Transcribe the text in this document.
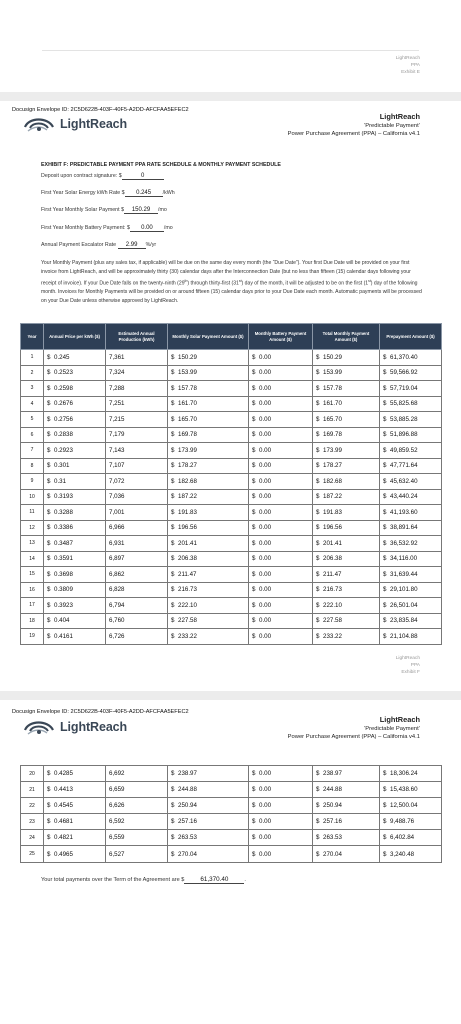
LightReach
PPA
Exhibit E
Docusign Envelope ID: 2C5D622B-403F-40F5-A2DD-AFCFAA5EFEC2
LightReach
LightReach
‘Predictable Payment’
Power Purchase Agreement (PPA) – California v4.1
EXHIBIT F: PREDICTABLE PAYMENT PPA RATE SCHEDULE & MONTHLY PAYMENT SCHEDULE
Deposit upon contract signature: $	0
First Year Solar Energy kWh Rate $ 0.245 /kWh
First Year Monthly Solar Payment $ 150.29 /mo
First Year Monthly Battery Payment: $ 0.00 /mo
Annual Payment Escalator Rate 2.99 %/yr
Your Monthly Payment (plus any sales tax, if applicable) will be due on the same day every month (the “Due Date”). Your first Due Date will be provided on your first invoice from LightReach, and will be approximately thirty (30) calendar days after the Interconnection Date (but no less than fifteen (15) calendar days following your receipt of invoice). If your Due Date falls on the twenty-ninth (29th) through thirty-first (31st) day of the month, it will be adjusted to be on the first (1st) day of the following month. Invoices for Monthly Payments will be provided on or around fifteen (15) calendar days prior to your Due Date each month. Automatic payments will be processed on your Due Date unless otherwise approved by LightReach.
Year	Annual Price per kWh ($)	Estimated Annual Production (kWh)	Monthly Solar Payment Amount ($)	Monthly Battery Payment Amount ($)	Total Monthly Payment Amount ($)	Prepayment Amount ($)
1	$ 0.245	7,361	$ 150.29	$ 0.00	$ 150.29	$ 61,370.40
2	$ 0.2523	7,324	$ 153.99	$ 0.00	$ 153.99	$ 59,566.92
3	$ 0.2598	7,288	$ 157.78	$ 0.00	$ 157.78	$ 57,719.04
4	$ 0.2676	7,251	$ 161.70	$ 0.00	$ 161.70	$ 55,825.68
5	$ 0.2756	7,215	$ 165.70	$ 0.00	$ 165.70	$ 53,885.28
6	$ 0.2838	7,179	$ 169.78	$ 0.00	$ 169.78	$ 51,896.88
7	$ 0.2923	7,143	$ 173.99	$ 0.00	$ 173.99	$ 49,859.52
8	$ 0.301	7,107	$ 178.27	$ 0.00	$ 178.27	$ 47,771.64
9	$ 0.31	7,072	$ 182.68	$ 0.00	$ 182.68	$ 45,632.40
10	$ 0.3193	7,036	$ 187.22	$ 0.00	$ 187.22	$ 43,440.24
11	$ 0.3288	7,001	$ 191.83	$ 0.00	$ 191.83	$ 41,193.60
12	$ 0.3386	6,966	$ 196.56	$ 0.00	$ 196.56	$ 38,891.64
13	$ 0.3487	6,931	$ 201.41	$ 0.00	$ 201.41	$ 36,532.92
14	$ 0.3591	6,897	$ 206.38	$ 0.00	$ 206.38	$ 34,116.00
15	$ 0.3698	6,862	$ 211.47	$ 0.00	$ 211.47	$ 31,639.44
16	$ 0.3809	6,828	$ 216.73	$ 0.00	$ 216.73	$ 29,101.80
17	$ 0.3923	6,794	$ 222.10	$ 0.00	$ 222.10	$ 26,501.04
18	$ 0.404	6,760	$ 227.58	$ 0.00	$ 227.58	$ 23,835.84
19	$ 0.4161	6,726	$ 233.22	$ 0.00	$ 233.22	$ 21,104.88
LightReach
PPA
Exhibit F
Docusign Envelope ID: 2C5D622B-403F-40F5-A2DD-AFCFAA5EFEC2
LightReach
LightReach
‘Predictable Payment’
Power Purchase Agreement (PPA) – California v4.1
20	$ 0.4285	6,692	$ 238.97	$ 0.00	$ 238.97	$ 18,306.24
21	$ 0.4413	6,659	$ 244.88	$ 0.00	$ 244.88	$ 15,438.60
22	$ 0.4545	6,626	$ 250.94	$ 0.00	$ 250.94	$ 12,500.04
23	$ 0.4681	6,592	$ 257.16	$ 0.00	$ 257.16	$ 9,488.76
24	$ 0.4821	6,559	$ 263.53	$ 0.00	$ 263.53	$ 6,402.84
25	$ 0.4965	6,527	$ 270.04	$ 0.00	$ 270.04	$ 3,240.48
Your total payments over the Term of the Agreement are $	61,370.40	.
